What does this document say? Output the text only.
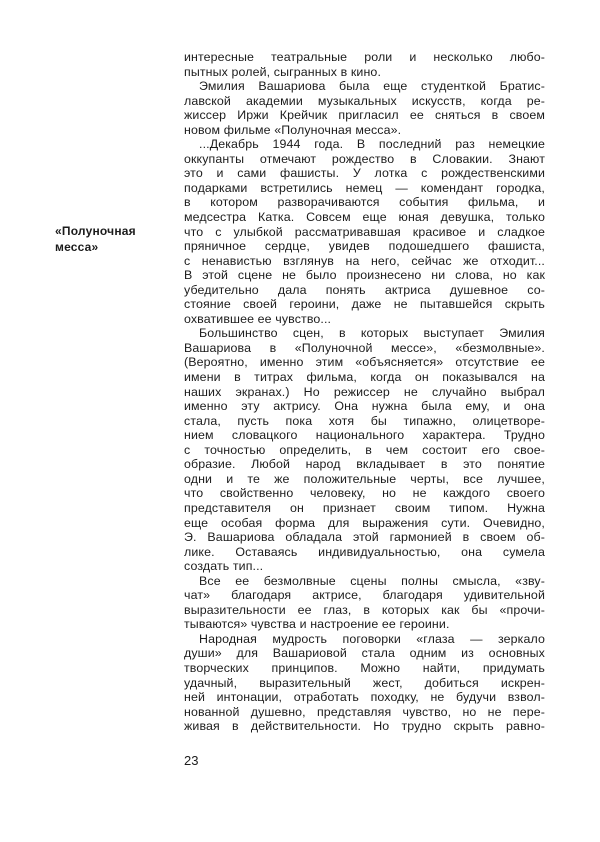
«Полуночная
месса»
интересные театральные роли и несколько любо-
пытных ролей, сыгранных в кино.
Эмилия Вашариова была еще студенткой Братис-
лавской академии музыкальных искусств, когда ре-
жиссер Иржи Крейчик пригласил ее сняться в своем
новом фильме «Полуночная месса».
...Декабрь 1944 года. В последний раз немецкие
оккупанты отмечают рождество в Словакии. Знают
это и сами фашисты. У лотка с рождественскими
подарками встретились немец — комендант городка,
в котором разворачиваются события фильма, и
медсестра Катка. Совсем еще юная девушка, только
что с улыбкой рассматривавшая красивое и сладкое
пряничное сердце, увидев подошедшего фашиста,
с ненавистью взглянув на него, сейчас же отходит...
В этой сцене не было произнесено ни слова, но как
убедительно дала понять актриса душевное со-
стояние своей героини, даже не пытавшейся скрыть
охватившее ее чувство...
Большинство сцен, в которых выступает Эмилия
Вашариова в «Полуночной мессе», «безмолвные».
(Вероятно, именно этим «объясняется» отсутствие ее
имени в титрах фильма, когда он показывался на
наших экранах.) Но режиссер не случайно выбрал
именно эту актрису. Она нужна была ему, и она
стала, пусть пока хотя бы типажно, олицетворе-
нием словацкого национального характера. Трудно
с точностью определить, в чем состоит его свое-
образие. Любой народ вкладывает в это понятие
одни и те же положительные черты, все лучшее,
что свойственно человеку, но не каждого своего
представителя он признает своим типом. Нужна
еще особая форма для выражения сути. Очевидно,
Э. Вашариова обладала этой гармонией в своем об-
лике. Оставаясь индивидуальностью, она сумела
создать тип...
Все ее безмолвные сцены полны смысла, «зву-
чат» благодаря актрисе, благодаря удивительной
выразительности ее глаз, в которых как бы «прочи-
тываются» чувства и настроение ее героини.
Народная мудрость поговорки «глаза — зеркало
души» для Вашариовой стала одним из основных
творческих принципов. Можно найти, придумать
удачный, выразительный жест, добиться искрен-
ней интонации, отработать походку, не будучи взвол-
нованной душевно, представляя чувство, но не пере-
живая в действительности. Но трудно скрыть равно-
23
